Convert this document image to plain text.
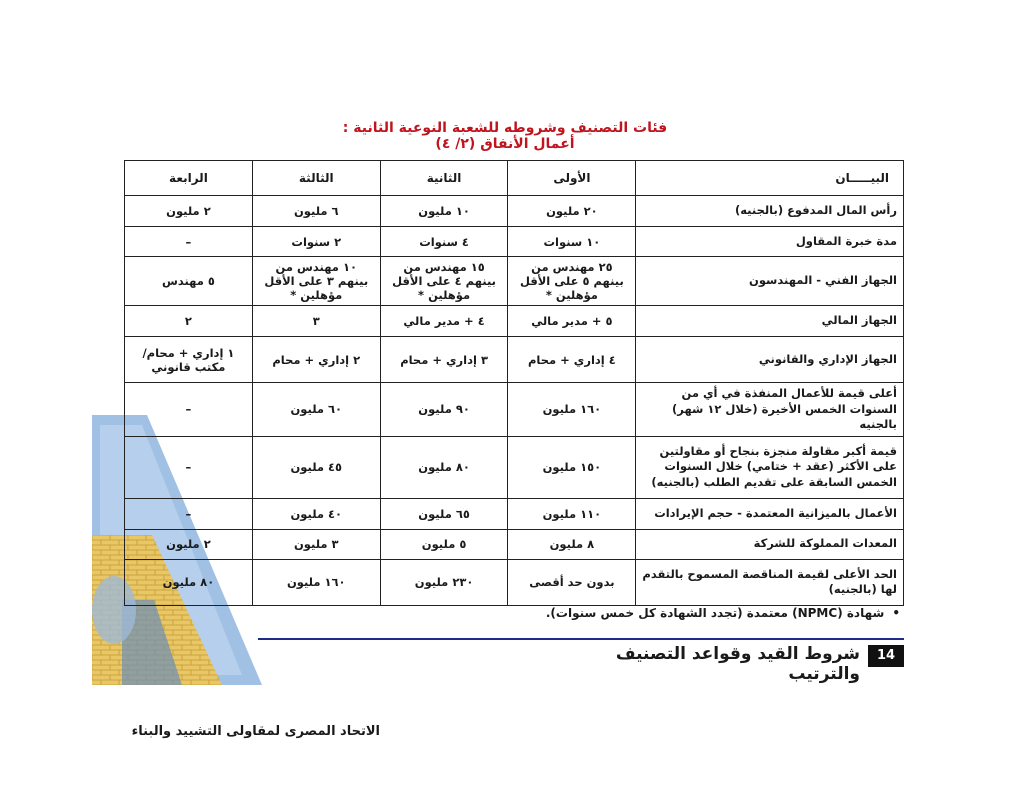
فئات التصنيف وشروطه للشعبة النوعية الثانية : أعمال الأنفاق (٢/ ٤)
البيـــــان	الأولى	الثانية	الثالثة	الرابعة
رأس المال المدفوع (بالجنيه)	٢٠ مليون	١٠ مليون	٦ مليون	٢ مليون
مدة خبرة المقاول	١٠ سنوات	٤ سنوات	٢ سنوات	–
الجهاز الفني - المهندسون	٢٥ مهندس من بينهم ٥ على الأقل مؤهلين *	١٥ مهندس من بينهم ٤ على الأقل مؤهلين *	١٠ مهندس من بينهم ٣ على الأقل مؤهلين *	٥ مهندس
الجهاز المالي	٥ + مدير مالي	٤ + مدير مالي	٣	٢
الجهاز الإداري والقانوني	٤ إداري + محام	٣ إداري + محام	٢ إداري + محام	١ إداري + محام/ مكتب قانوني
أعلى قيمة للأعمال المنفذة في أي من السنوات الخمس الأخيرة (خلال ١٢ شهر) بالجنيه	١٦٠ مليون	٩٠ مليون	٦٠ مليون	–
قيمة أكبر مقاولة منجزة بنجاح أو مقاولتين على الأكثر (عقد + ختامي) خلال السنوات الخمس السابقة على تقديم الطلب (بالجنيه)	١٥٠ مليون	٨٠ مليون	٤٥ مليون	–
الأعمال بالميزانية المعتمدة - حجم الإيرادات	١١٠ مليون	٦٥ مليون	٤٠ مليون	–
المعدات المملوكة للشركة	٨ مليون	٥ مليون	٣ مليون	٢ مليون
الحد الأعلى لقيمة المناقصة المسموح بالتقدم لها (بالجنيه)	بدون حد أقصى	٢٣٠ مليون	١٦٠ مليون	٨٠ مليون
•شهادة (NPMC) معتمدة (تجدد الشهادة كل خمس سنوات).
شروط القيد وقواعد التصنيف والترتيب
14
الاتحاد المصرى لمقاولى التشييد والبناء
